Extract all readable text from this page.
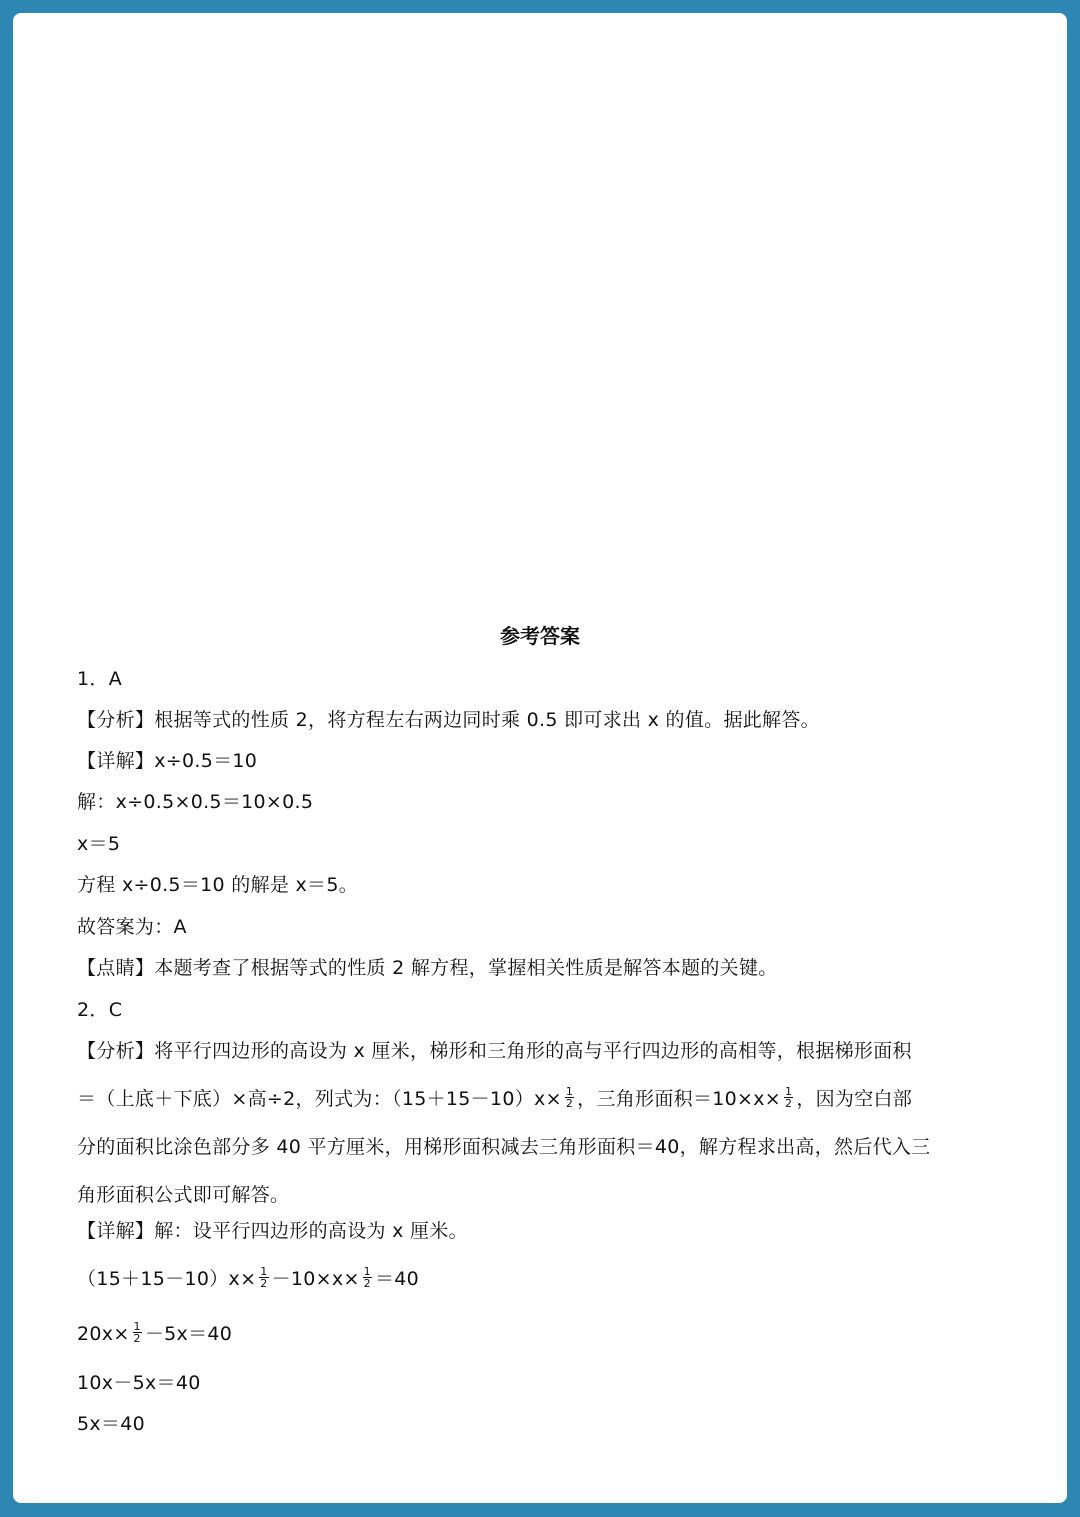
参考答案
1．A
【分析】根据等式的性质 2，将方程左右两边同时乘 0.5 即可求出 x 的值。据此解答。
【详解】x÷0.5＝10
解：x÷0.5×0.5＝10×0.5
x＝5
方程 x÷0.5＝10 的解是 x＝5。
故答案为：A
【点睛】本题考查了根据等式的性质 2 解方程，掌握相关性质是解答本题的关键。
2．C
【分析】将平行四边形的高设为 x 厘米，梯形和三角形的高与平行四边形的高相等，根据梯形面积
＝（上底＋下底）×高÷2，列式为：$(15+15-10)x\times \frac{1}{2}$ ，三角形面积$=10\times x\times \frac{1}{2}$ ，因为空白部
分的面积比涂色部分多 40 平方厘米，用梯形面积减去三角形面积＝40，解方程求出高，然后代入三
角形面积公式即可解答。
【详解】解：设平行四边形的高设为 x 厘米。
$(15+15-10)x\times \frac{1}{2} -10\times x\times \frac{1}{2} =40$
$20x\times \frac{1}{2} -5x=40$
10x－5x＝40
5x＝40
